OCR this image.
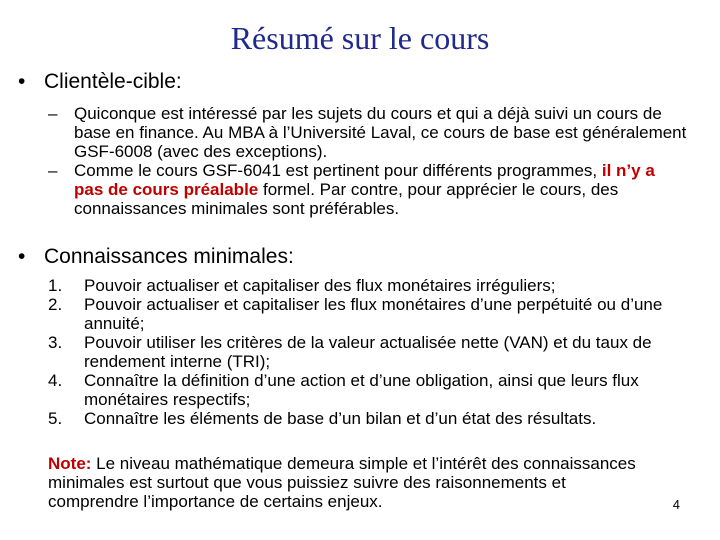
Résumé sur le cours
• Clientèle-cible:
– Quiconque est intéressé par les sujets du cours et qui a déjà suivi un cours de base en finance. Au MBA à l’Université Laval, ce cours de base est généralement GSF-6008 (avec des exceptions).
– Comme le cours GSF-6041 est pertinent pour différents programmes, il n’y a pas de cours préalable formel. Par contre, pour apprécier le cours, des connaissances minimales sont préférables.
• Connaissances minimales:
1. Pouvoir actualiser et capitaliser des flux monétaires irréguliers;
2. Pouvoir actualiser et capitaliser les flux monétaires d’une perpétuité ou d’une annuité;
3. Pouvoir utiliser les critères de la valeur actualisée nette (VAN) et du taux de rendement interne (TRI);
4. Connaître la définition d’une action et d’une obligation, ainsi que leurs flux monétaires respectifs;
5. Connaître les éléments de base d’un bilan et d’un état des résultats.
Note: Le niveau mathématique demeura simple et l’intérêt des connaissances minimales est surtout que vous puissiez suivre des raisonnements et comprendre l’importance de certains enjeux.	4
